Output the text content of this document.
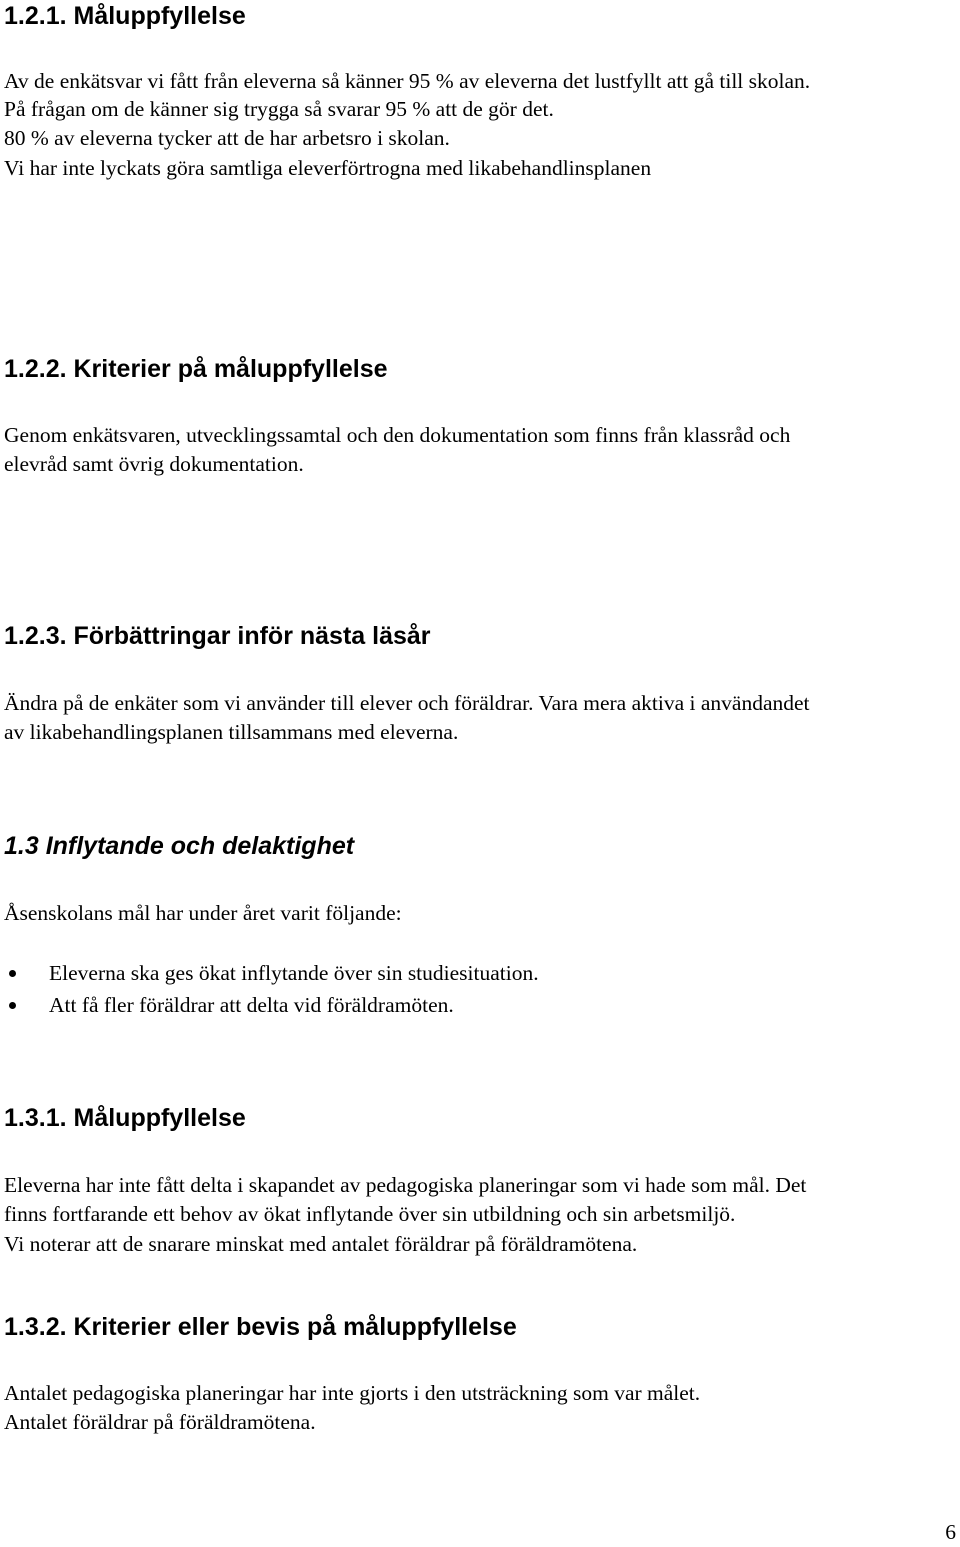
1.2.1. Måluppfyllelse

Av de enkätsvar vi fått från eleverna så känner 95 % av eleverna det lustfyllt att gå till skolan.

På frågan om de känner sig trygga så svarar 95 % att de gör det.

80 % av eleverna tycker att de har arbetsro i skolan.

Vi har inte lyckats göra samtliga eleverförtrogna med likabehandlinsplanen

1.2.2. Kriterier på måluppfyllelse

Genom enkätsvaren, utvecklingssamtal och den dokumentation som finns från klassråd och

elevråd samt övrig dokumentation.

1.2.3. Förbättringar inför nästa läsår

Ändra på de enkäter som vi använder till elever och föräldrar. Vara mera aktiva i användandet

av likabehandlingsplanen tillsammans med eleverna.

1.3 Inflytande och delaktighet

Åsenskolans mål har under året varit följande:

Eleverna ska ges ökat inflytande över sin studiesituation.
Att få fler föräldrar att delta vid föräldramöten.
1.3.1. Måluppfyllelse

Eleverna har inte fått delta i skapandet av pedagogiska planeringar som vi hade som mål. Det

finns fortfarande ett behov av ökat inflytande över sin utbildning och sin arbetsmiljö.

Vi noterar att de snarare minskat med antalet föräldrar på föräldramötena.

1.3.2. Kriterier eller bevis på måluppfyllelse

Antalet pedagogiska planeringar har inte gjorts i den utsträckning som var målet.

Antalet föräldrar på föräldramötena.

6
